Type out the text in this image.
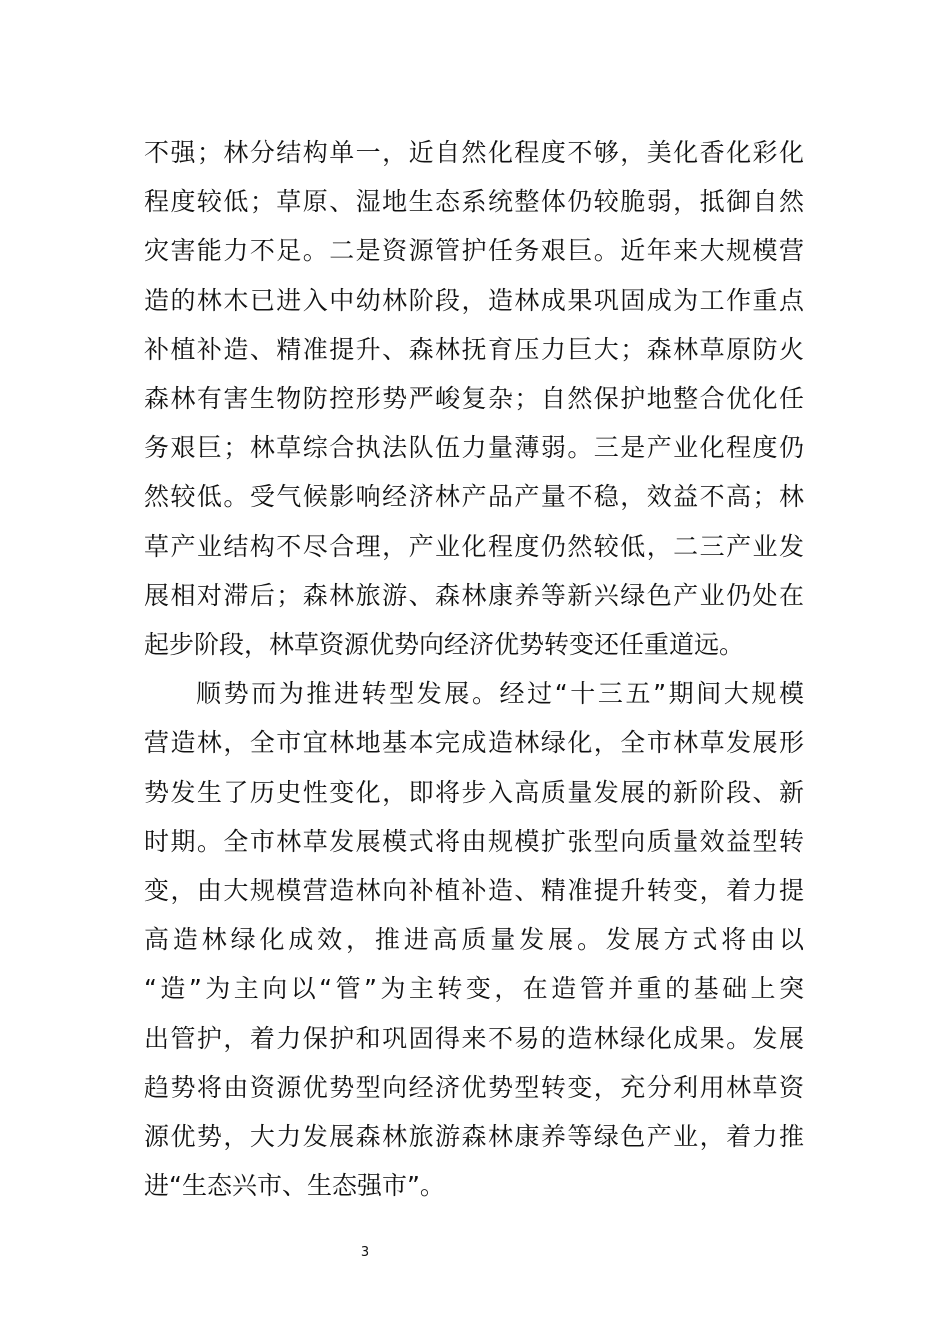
不强；林分结构单一，近自然化程度不够，美化香化彩化
程度较低；草原、湿地生态系统整体仍较脆弱，抵御自然
灾害能力不足。二是资源管护任务艰巨。近年来大规模营
造的林木已进入中幼林阶段，造林成果巩固成为工作重点
补植补造、精准提升、森林抚育压力巨大；森林草原防火
森林有害生物防控形势严峻复杂；自然保护地整合优化任
务艰巨；林草综合执法队伍力量薄弱。三是产业化程度仍
然较低。受气候影响经济林产品产量不稳，效益不高；林
草产业结构不尽合理，产业化程度仍然较低，二三产业发
展相对滞后；森林旅游、森林康养等新兴绿色产业仍处在
起步阶段，林草资源优势向经济优势转变还任重道远。
顺势而为推进转型发展。经过“十三五”期间大规模
营造林，全市宜林地基本完成造林绿化，全市林草发展形
势发生了历史性变化，即将步入高质量发展的新阶段、新
时期。全市林草发展模式将由规模扩张型向质量效益型转
变，由大规模营造林向补植补造、精准提升转变，着力提
高造林绿化成效，推进高质量发展。发展方式将由以
“造”为主向以“管”为主转变，在造管并重的基础上突
出管护，着力保护和巩固得来不易的造林绿化成果。发展
趋势将由资源优势型向经济优势型转变，充分利用林草资
源优势，大力发展森林旅游森林康养等绿色产业，着力推
进“生态兴市、生态强市”。
3
